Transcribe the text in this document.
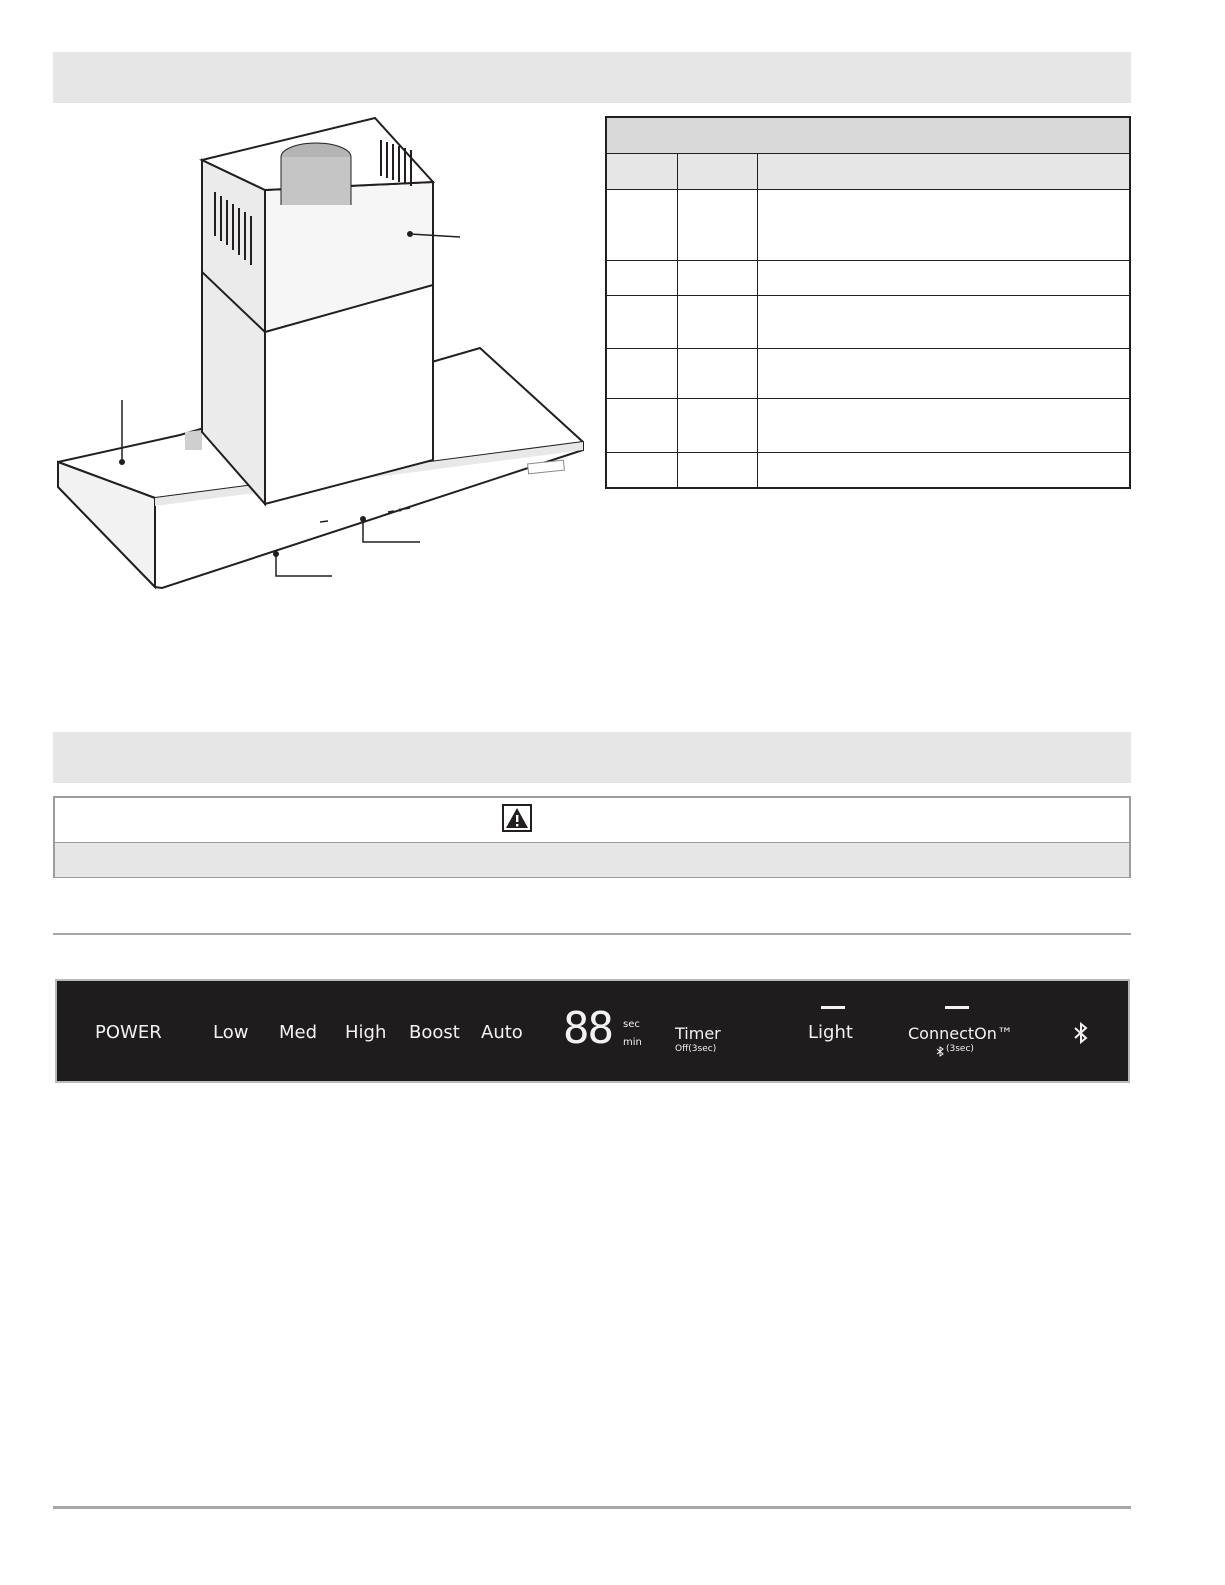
POWER	Low Med High Boost Auto 88 sec
min Timer
Off(3sec)
Light	ConnectOn™
(3sec)
